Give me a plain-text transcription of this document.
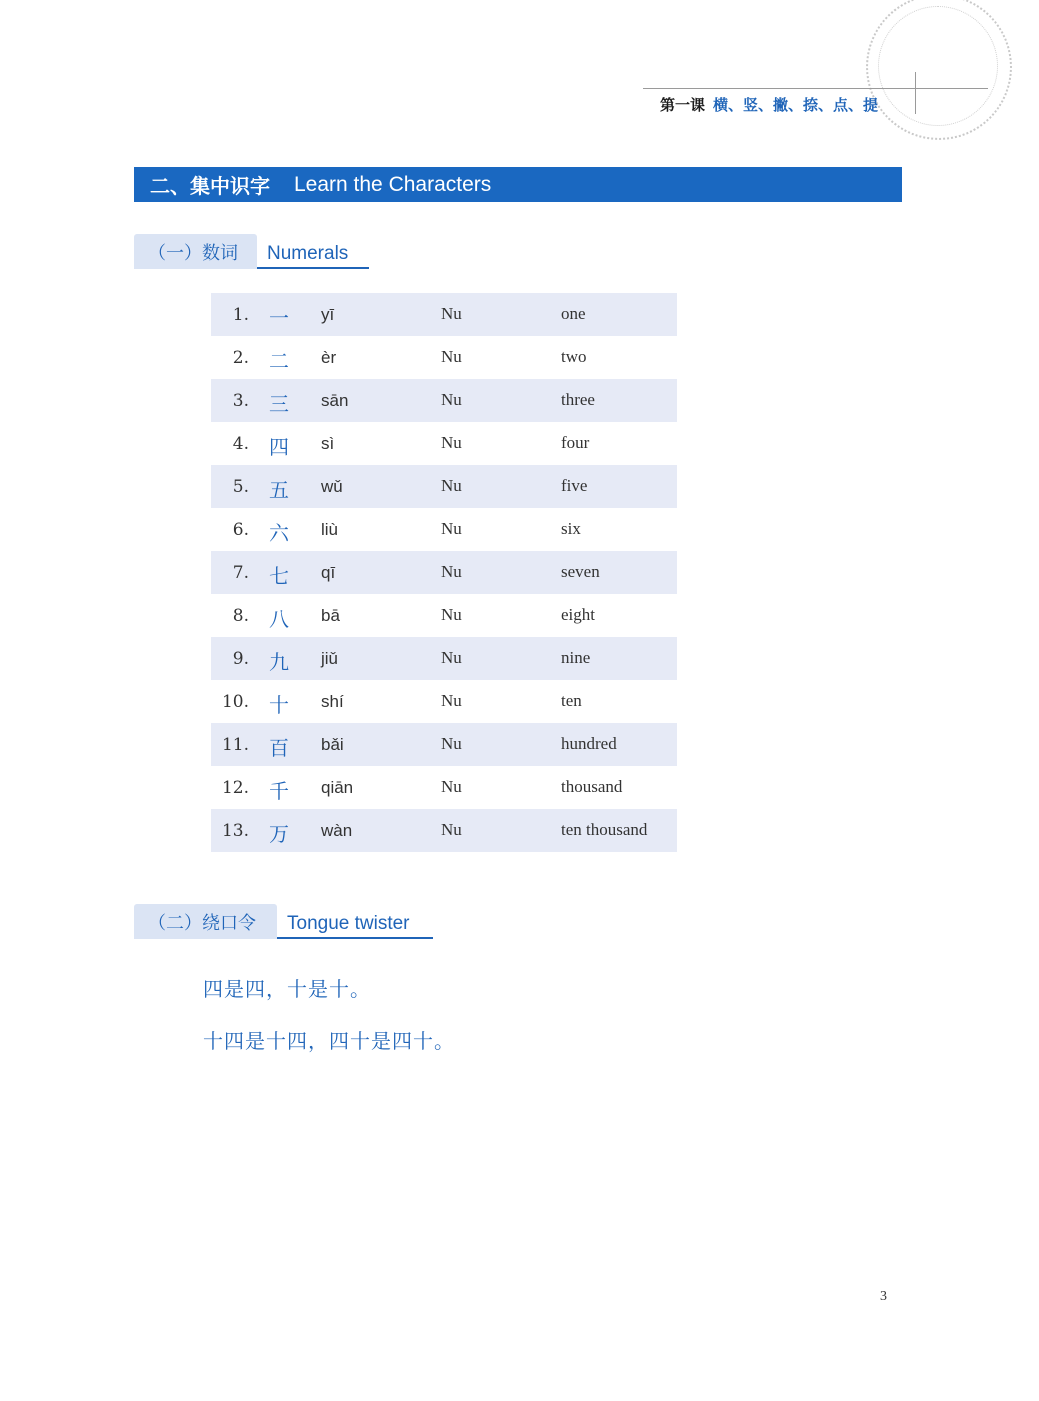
第一课 横、竖、撇、捺、点、提
二、集中识字 Learn the Characters
（一）数词 Numerals
1. 一 yī	Nu	one
2. 二 èr	Nu	two
3. 三 sān	Nu	three
4. 四 sì	Nu	four
5. 五 wǔ	Nu	five
6. 六 liù	Nu	six
7. 七 qī	Nu	seven
8. 八 bā	Nu	eight
9. 九 jiǔ	Nu	nine
10. 十 shí	Nu	ten
11. 百 bǎi	Nu	hundred
12. 千 qiān	Nu	thousand
13. 万 wàn	Nu	ten thousand
（二）绕口令 Tongue twister
四是四，十是十。
十四是十四，四十是四十。
3
